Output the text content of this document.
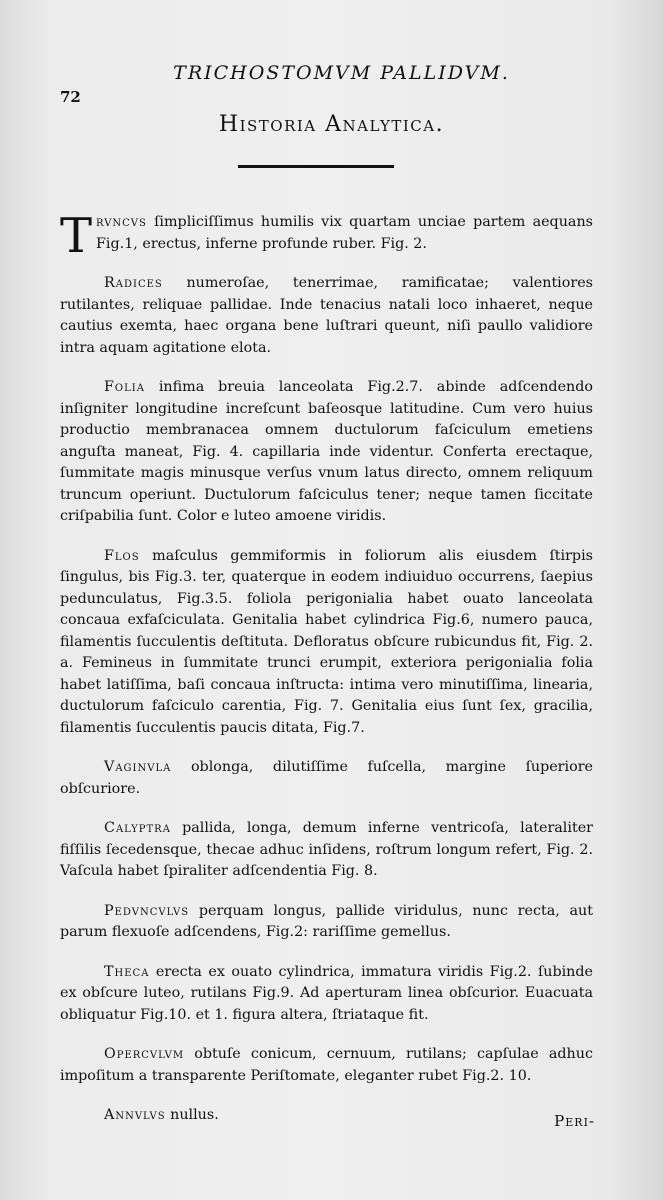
72
TRICHOSTOMVM PALLIDVM.
Historia Analytica.

Trvncvs ſimpliciſſimus humilis vix quartam unciae partem aequans Fig.1, erectus, inferne profunde ruber. Fig. 2.

Radices numeroſae, tenerrimae, ramificatae; valentiores rutilantes, reliquae pallidae. Inde tenacius natali loco inhaeret, neque cautius exemta, haec organa bene luſtrari queunt, niſi paullo validiore intra aquam agitatione elota.

Folia infima breuia lanceolata Fig.2.7. abinde adſcendendo inſigniter longitudine increſcunt baſeosque latitudine. Cum vero huius productio membranacea omnem ductulorum faſciculum emetiens anguſta maneat, Fig. 4. capillaria inde videntur. Conferta erectaque, ſummitate magis minusque verſus vnum latus directo, omnem reliquum truncum operiunt. Ductulorum faſciculus tener; neque tamen ſiccitate criſpabilia ſunt. Color e luteo amoene viridis.

Flos maſculus gemmiformis in foliorum alis eiusdem ſtirpis ſingulus, bis Fig.3. ter, quaterque in eodem indiuiduo occurrens, ſaepius pedunculatus, Fig.3.5. foliola perigonialia habet ouato lanceolata concaua exfaſciculata. Genitalia habet cylindrica Fig.6, numero pauca, filamentis ſucculentis deſtituta. Defloratus obſcure rubicundus fit, Fig. 2. a. Femineus in ſummitate trunci erumpit, exteriora perigonialia folia habet latiſſima, baſi concaua inſtructa: intima vero minutiſſima, linearia, ductulorum faſciculo carentia, Fig. 7. Genitalia eius ſunt ſex, gracilia, filamentis ſucculentis paucis ditata, Fig.7.

Vaginvla oblonga, dilutiſſime fuſcella, margine ſuperiore obſcuriore.

Calyptra pallida, longa, demum inferne ventricoſa, lateraliter fiſſilis ſecedensque, thecae adhuc inſidens, roſtrum longum refert, Fig. 2. Vaſcula habet ſpiraliter adſcendentia Fig. 8.

Pedvncvlvs perquam longus, pallide viridulus, nunc recta, aut parum flexuoſe adſcendens, Fig.2: rariſſime gemellus.

Theca erecta ex ouato cylindrica, immatura viridis Fig.2. ſubinde ex obſcure luteo, rutilans Fig.9. Ad aperturam linea obſcurior. Euacuata obliquatur Fig.10. et 1. figura altera, ſtriataque fit.

Opercvlvm obtuſe conicum, cernuum, rutilans; capſulae adhuc impoſitum a transparente Periſtomate, eleganter rubet Fig.2. 10.

Annvlvs nullus.	Peri-
